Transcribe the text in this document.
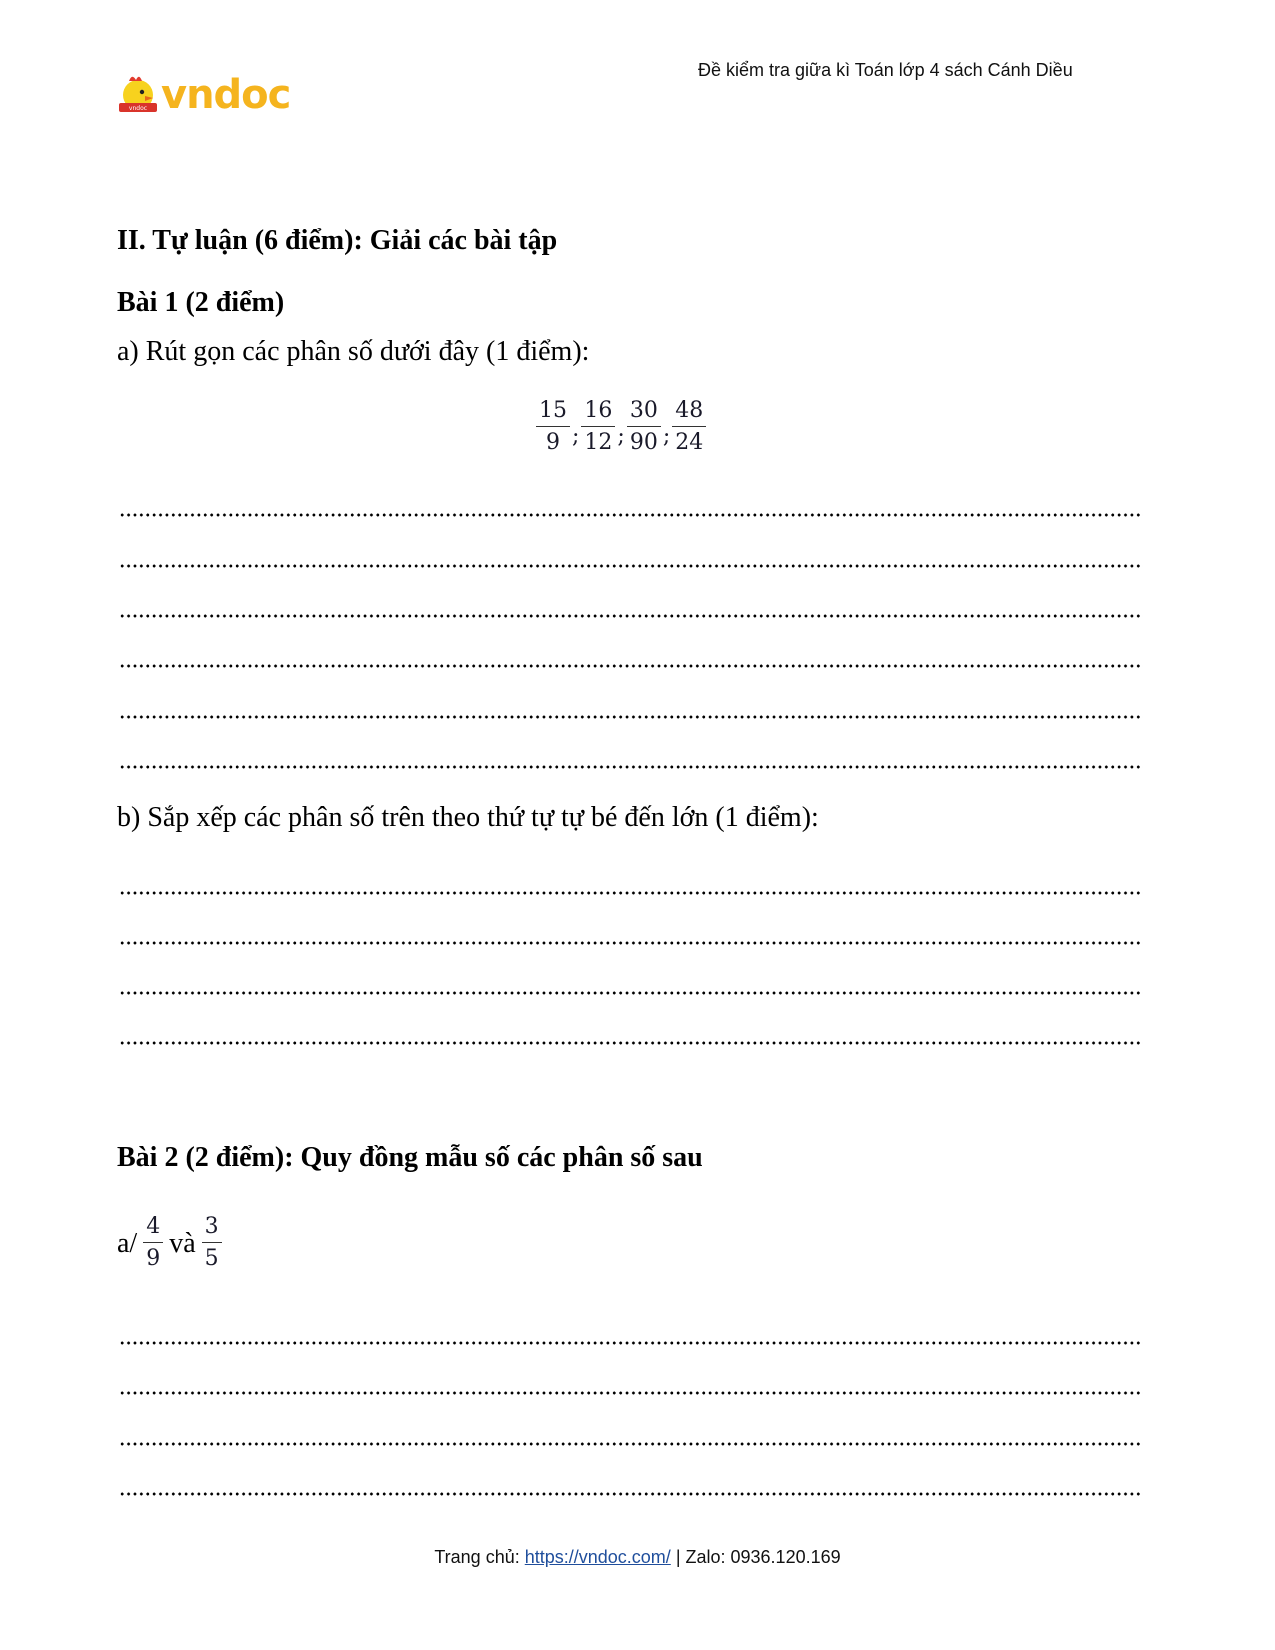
vndoc vndoc
Đề kiểm tra giữa kì Toán lớp 4 sách Cánh Diều
II. Tự luận (6 điểm): Giải các bài tập
Bài 1 (2 điểm)
a) Rút gọn các phân số dưới đây (1 điểm):
$\frac{15}{9}$ ; $\frac{16}{12}$ ; $\frac{30}{90}$ ; $\frac{48}{24}$
b) Sắp xếp các phân số trên theo thứ tự tự bé đến lớn (1 điểm):
Bài 2 (2 điểm): Quy đồng mẫu số các phân số sau
$a/ \frac{4}{9}$ và $\frac{3}{5}$
Trang chủ: https://vndoc.com/ | Zalo: 0936.120.169
